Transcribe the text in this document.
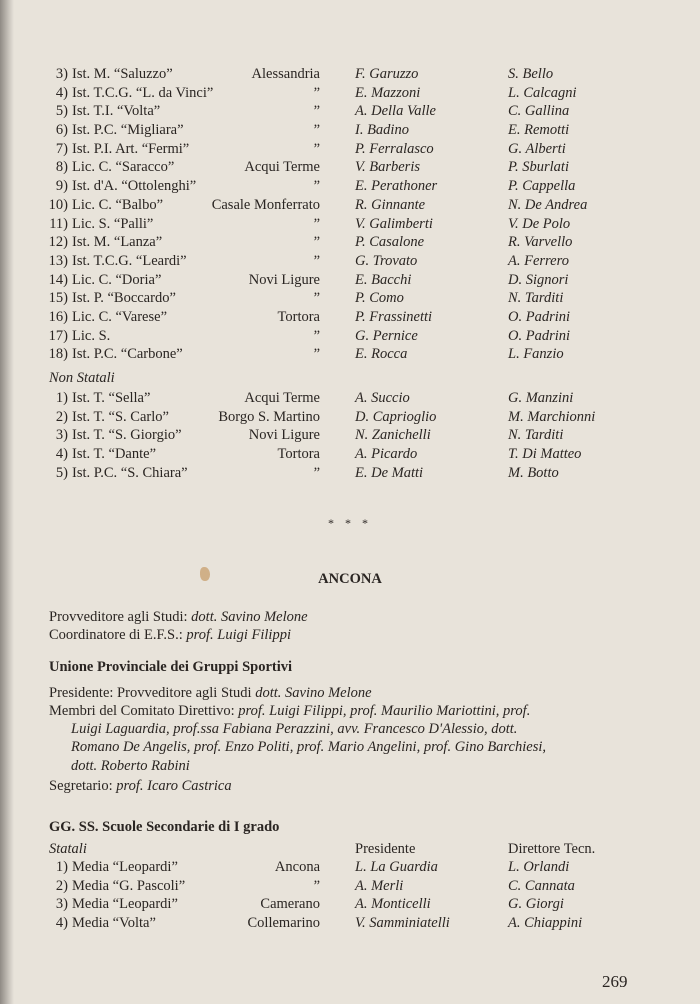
3) Ist. M. “Saluzzo”	Alessandria F. Garuzzo	S. Bello
4) Ist. T.C.G. “L. da Vinci”	” E. Mazzoni	L. Calcagni
5) Ist. T.I. “Volta”	” A. Della Valle	C. Gallina
6) Ist. P.C. “Migliara”	” I. Badino	E. Remotti
7) Ist. P.I. Art. “Fermi”	” P. Ferralasco	G. Alberti
8) Lic. C. “Saracco”	Acqui Terme V. Barberis	P. Sburlati
9) Ist. d'A. “Ottolenghi”	” E. Perathoner	P. Cappella
10) Lic. C. “Balbo”	Casale Monferrato R. Ginnante	N. De Andrea
11) Lic. S. “Palli”	” V. Galimberti	V. De Polo
12) Ist. M. “Lanza”	” P. Casalone	R. Varvello
13) Ist. T.C.G. “Leardi”	” G. Trovato	A. Ferrero
14) Lic. C. “Doria”	Novi Ligure E. Bacchi	D. Signori
15) Ist. P. “Boccardo”	” P. Como	N. Tarditi
16) Lic. C. “Varese”	Tortora P. Frassinetti	O. Padrini
17) Lic. S.	” G. Pernice	O. Padrini
18) Ist. P.C. “Carbone”	” E. Rocca	L. Fanzio
Non Statali
1) Ist. T. “Sella”	Acqui Terme A. Succio	G. Manzini
2) Ist. T. “S. Carlo”	Borgo S. Martino D. Caprioglio	M. Marchionni
3) Ist. T. “S. Giorgio”	Novi Ligure N. Zanichelli	N. Tarditi
4) Ist. T. “Dante”	Tortora A. Picardo	T. Di Matteo
5) Ist. P.C. “S. Chiara”	” E. De Matti	M. Botto
* * *
ANCONA
Provveditore agli Studi: dott. Savino Melone
Coordinatore di E.F.S.: prof. Luigi Filippi
Unione Provinciale dei Gruppi Sportivi
Presidente: Provveditore agli Studi dott. Savino Melone
Membri del Comitato Direttivo: prof. Luigi Filippi, prof. Maurilio Mariottini, prof.
Luigi Laguardia, prof.ssa Fabiana Perazzini, avv. Francesco D'Alessio, dott.
Romano De Angelis, prof. Enzo Politi, prof. Mario Angelini, prof. Gino Barchiesi,
dott. Roberto Rabini
Segretario: prof. Icaro Castrica
GG. SS. Scuole Secondarie di I grado
Statali	Presidente	Direttore Tecn.
1) Media “Leopardi”	Ancona L. La Guardia	L. Orlandi
2) Media “G. Pascoli”	” A. Merli	C. Cannata
3) Media “Leopardi”	Camerano A. Monticelli	G. Giorgi
4) Media “Volta”	Collemarino V. Samminiatelli	A. Chiappini
269
